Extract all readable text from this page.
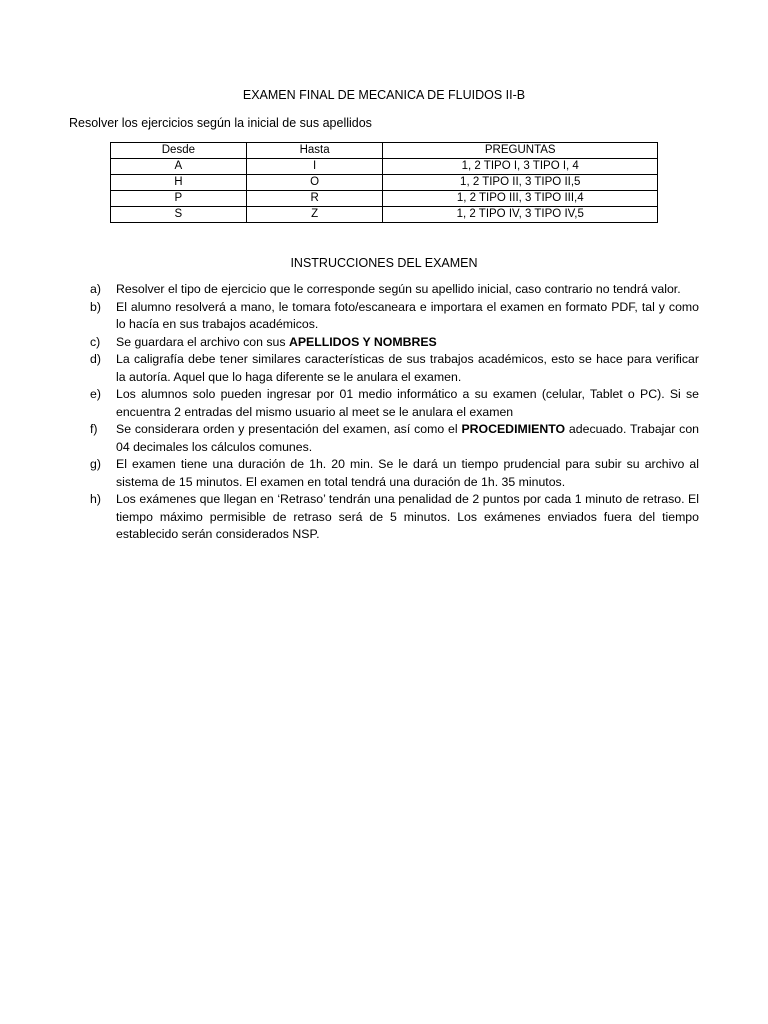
EXAMEN FINAL DE MECANICA DE FLUIDOS II-B
Resolver los ejercicios según la inicial de sus apellidos
Desde	Hasta	PREGUNTAS
A	I	1, 2 TIPO I, 3 TIPO I, 4
H	O	1, 2 TIPO II, 3 TIPO II,5
P	R	1, 2 TIPO III, 3 TIPO III,4
S	Z	1, 2 TIPO IV, 3 TIPO IV,5
INSTRUCCIONES DEL EXAMEN
a) Resolver el tipo de ejercicio que le corresponde según su apellido inicial, caso contrario no tendrá valor.
b) El alumno resolverá a mano, le tomara foto/escaneara e importara el examen en formato PDF, tal y como lo hacía en sus trabajos académicos.
c) Se guardara el archivo con sus APELLIDOS Y NOMBRES
d) La caligrafía debe tener similares características de sus trabajos académicos, esto se hace para verificar la autoría. Aquel que lo haga diferente se le anulara el examen.
e) Los alumnos solo pueden ingresar por 01 medio informático a su examen (celular, Tablet o PC). Si se encuentra 2 entradas del mismo usuario al meet se le anulara el examen
f) Se considerara orden y presentación del examen, así como el PROCEDIMIENTO adecuado. Trabajar con 04 decimales los cálculos comunes.
g) El examen tiene una duración de 1h. 20 min. Se le dará un tiempo prudencial para subir su archivo al sistema de 15 minutos. El examen en total tendrá una duración de 1h. 35 minutos.
h) Los exámenes que llegan en ‘Retraso’ tendrán una penalidad de 2 puntos por cada 1 minuto de retraso. El tiempo máximo permisible de retraso será de 5 minutos. Los exámenes enviados fuera del tiempo establecido serán considerados NSP.
